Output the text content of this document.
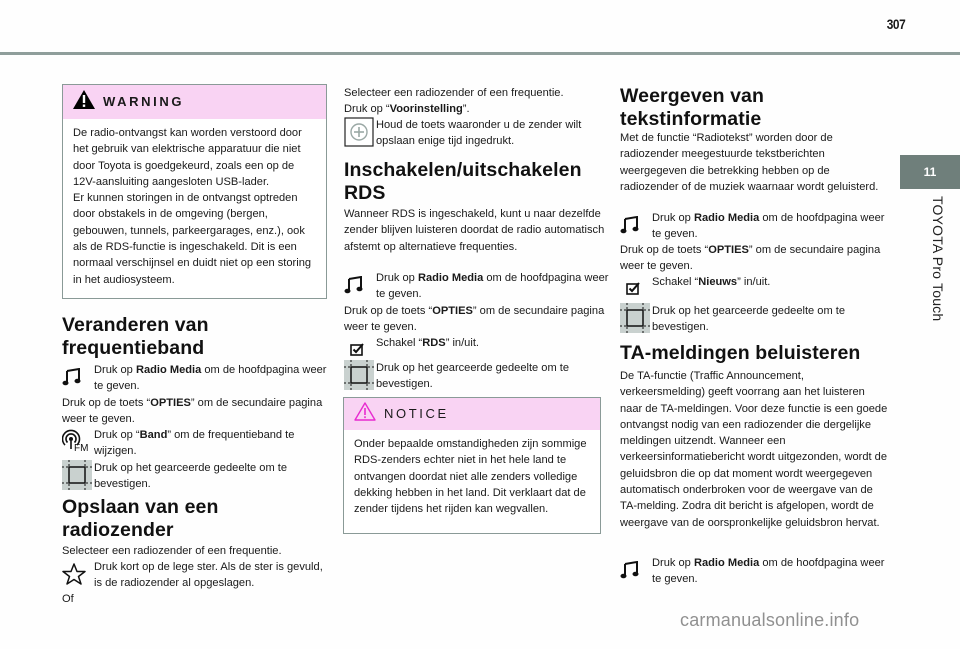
307
11
TOYOTA Pro Touch
WARNING

De radio-ontvangst kan worden verstoord door het gebruik van elektrische apparatuur die niet door Toyota is goedgekeurd, zoals een op de 12V-aansluiting aangesloten USB-lader.

Er kunnen storingen in de ontvangst optreden door obstakels in de omgeving (bergen, gebouwen, tunnels, parkeergarages, enz.), ook als de RDS-functie is ingeschakeld. Dit is een normaal verschijnsel en duidt niet op een storing in het audiosysteem.

Veranderen van
frequentieband
Druk op Radio Media om de hoofdpagina weer te geven.
Druk op de toets “OPTIES” om de secundaire pagina weer te geven.
FM
Druk op “Band” om de frequentieband te wijzigen.
Druk op het gearceerde gedeelte om te bevestigen.
Opslaan van een
radiozender
Selecteer een radiozender of een frequentie.
Druk kort op de lege ster. Als de ster is gevuld, is de radiozender al opgeslagen.
Of
Selecteer een radiozender of een frequentie.
Druk op “Voorinstelling”.
Houd de toets waaronder u de zender wilt opslaan enige tijd ingedrukt.
Inschakelen/uitschakelen
RDS
Wanneer RDS is ingeschakeld, kunt u naar dezelfde zender blijven luisteren doordat de radio automatisch afstemt op alternatieve frequenties.
Druk op Radio Media om de hoofdpagina weer te geven.
Druk op de toets “OPTIES” om de secundaire pagina weer te geven.
Schakel “RDS” in/uit.
Druk op het gearceerde gedeelte om te bevestigen.
NOTICE

Onder bepaalde omstandigheden zijn sommige RDS-zenders echter niet in het hele land te ontvangen doordat niet alle zenders volledige dekking hebben in het land. Dit verklaart dat de zender tijdens het rijden kan wegvallen.

Weergeven van
tekstinformatie
Met de functie “Radiotekst” worden door de radiozender meegestuurde tekstberichten weergegeven die betrekking hebben op de radiozender of de muziek waarnaar wordt geluisterd.
Druk op Radio Media om de hoofdpagina weer te geven.
Druk op de toets “OPTIES” om de secundaire pagina weer te geven.
Schakel “Nieuws” in/uit.
Druk op het gearceerde gedeelte om te bevestigen.
TA-meldingen beluisteren
De TA-functie (Traffic Announcement, verkeersmelding) geeft voorrang aan het luisteren naar de TA-meldingen. Voor deze functie is een goede ontvangst nodig van een radiozender die dergelijke meldingen uitzendt. Wanneer een verkeersinformatiebericht wordt uitgezonden, wordt de geluidsbron die op dat moment wordt weergegeven automatisch onderbroken voor de weergave van de TA-melding. Zodra dit bericht is afgelopen, wordt de weergave van de oorspronkelijke geluidsbron hervat.
Druk op Radio Media om de hoofdpagina weer te geven.
carmanualsonline.info
